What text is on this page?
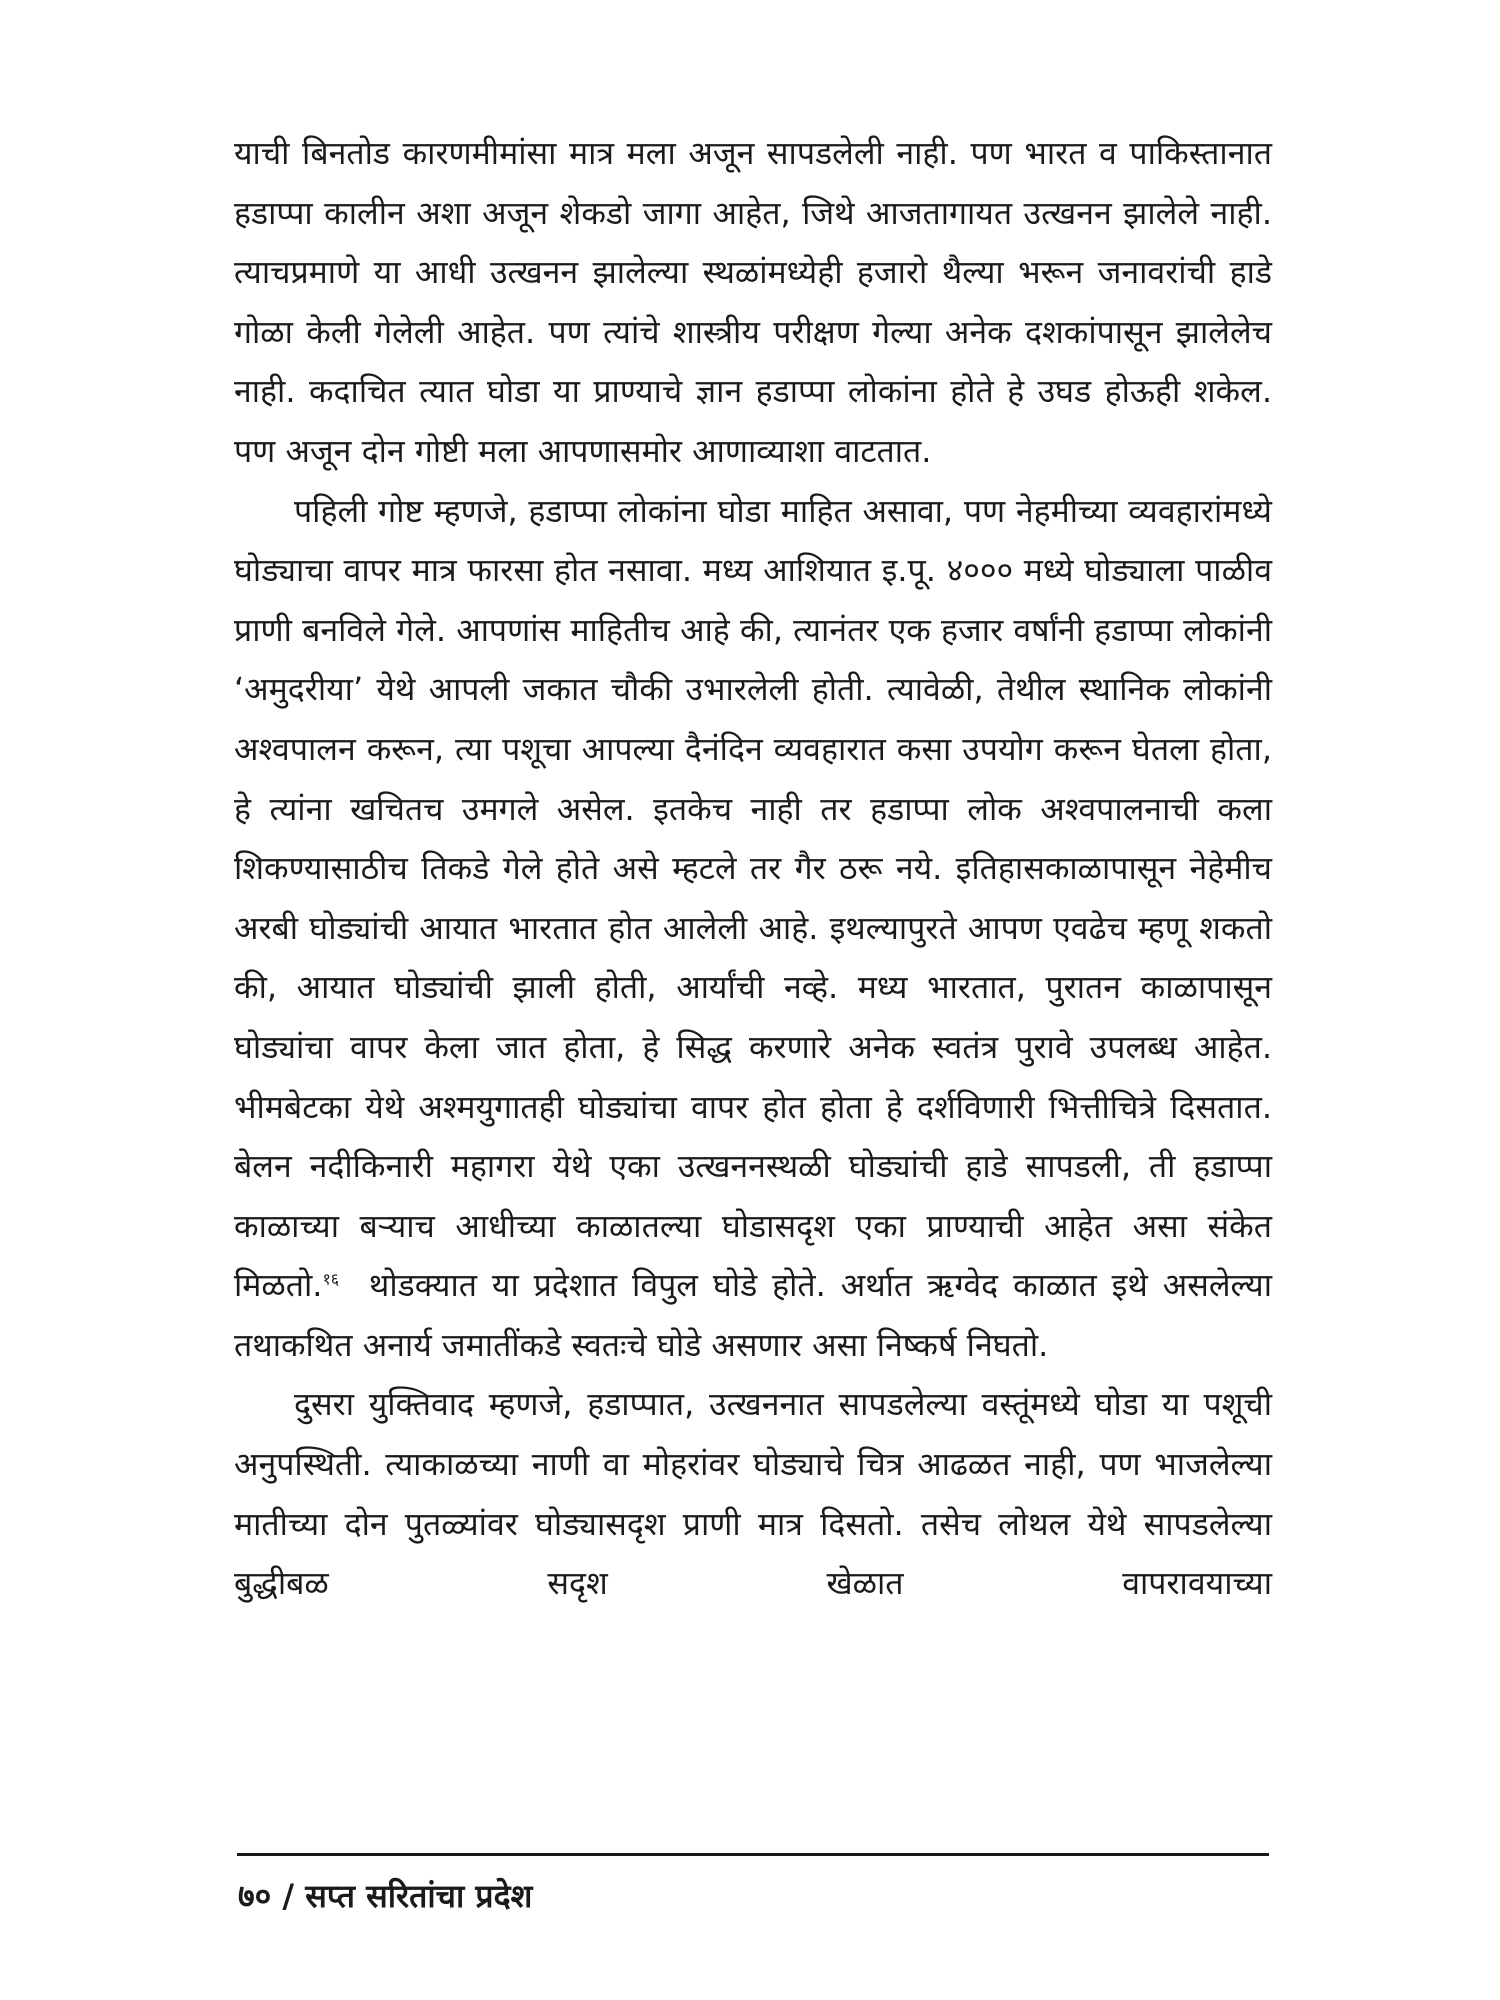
याची बिनतोड कारणमीमांसा मात्र मला अजून सापडलेली नाही. पण भारत व पाकिस्तानात हडाप्पा कालीन अशा अजून शेकडो जागा आहेत, जिथे आजतागायत उत्खनन झालेले नाही. त्याचप्रमाणे या आधी उत्खनन झालेल्या स्थळांमध्येही हजारो थैल्या भरून जनावरांची हाडे गोळा केली गेलेली आहेत. पण त्यांचे शास्त्रीय परीक्षण गेल्या अनेक दशकांपासून झालेलेच नाही. कदाचित त्यात घोडा या प्राण्याचे ज्ञान हडाप्पा लोकांना होते हे उघड होऊही शकेल. पण अजून दोन गोष्टी मला आपणासमोर आणाव्याशा वाटतात.

पहिली गोष्ट म्हणजे, हडाप्पा लोकांना घोडा माहित असावा, पण नेहमीच्या व्यवहारांमध्ये घोड्याचा वापर मात्र फारसा होत नसावा. मध्य आशियात इ.पू. ४००० मध्ये घोड्याला पाळीव प्राणी बनविले गेले. आपणांस माहितीच आहे की, त्यानंतर एक हजार वर्षांनी हडाप्पा लोकांनी ‘अमुदरीया’ येथे आपली जकात चौकी उभारलेली होती. त्यावेळी, तेथील स्थानिक लोकांनी अश्वपालन करून, त्या पशूचा आपल्या दैनंदिन व्यवहारात कसा उपयोग करून घेतला होता, हे त्यांना खचितच उमगले असेल. इतकेच नाही तर हडाप्पा लोक अश्वपालनाची कला शिकण्यासाठीच तिकडे गेले होते असे म्हटले तर गैर ठरू नये. इतिहासकाळापासून नेहेमीच अरबी घोड्यांची आयात भारतात होत आलेली आहे. इथल्यापुरते आपण एवढेच म्हणू शकतो की, आयात घोड्यांची झाली होती, आर्यांची नव्हे. मध्य भारतात, पुरातन काळापासून घोड्यांचा वापर केला जात होता, हे सिद्ध करणारे अनेक स्वतंत्र पुरावे उपलब्ध आहेत. भीमबेटका येथे अश्मयुगातही घोड्यांचा वापर होत होता हे दर्शविणारी भित्तीचित्रे दिसतात. बेलन नदीकिनारी महागरा येथे एका उत्खननस्थळी घोड्यांची हाडे सापडली, ती हडाप्पा काळाच्या बऱ्याच आधीच्या काळातल्या घोडासदृश एका प्राण्याची आहेत असा संकेत मिळतो.$^{१६}$ थोडक्यात या प्रदेशात विपुल घोडे होते. अर्थात ऋग्वेद काळात इथे असलेल्या तथाकथित अनार्य जमातींकडे स्वतःचे घोडे असणार असा निष्कर्ष निघतो.

दुसरा युक्तिवाद म्हणजे, हडाप्पात, उत्खननात सापडलेल्या वस्तूंमध्ये घोडा या पशूची अनुपस्थिती. त्याकाळच्या नाणी वा मोहरांवर घोड्याचे चित्र आढळत नाही, पण भाजलेल्या मातीच्या दोन पुतळ्यांवर घोड्यासदृश प्राणी मात्र दिसतो. तसेच लोथल येथे सापडलेल्या बुद्धीबळ सदृश खेळात वापरावयाच्या

७० / सप्त सरितांचा प्रदेश
